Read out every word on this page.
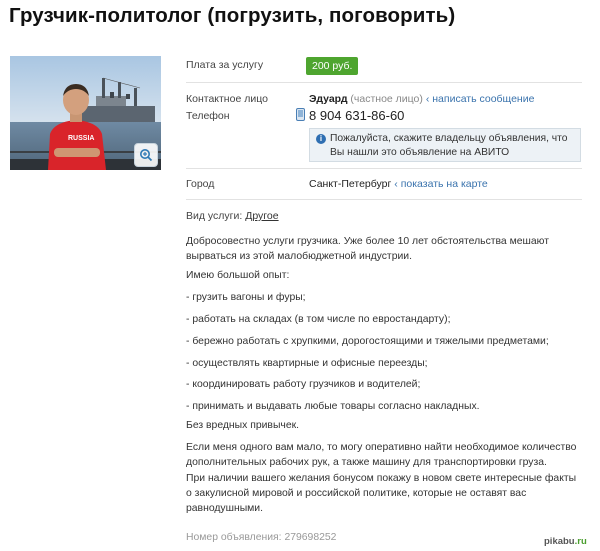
Грузчик-политолог (погрузить, поговорить)
RUSSIA
Плата за услугу	200 руб.
Контактное лицо	Эдуард (частное лицо) ‹ написать сообщение
Телефон	8 904 631-86-60
i Пожалуйста, скажите владельцу объявления, что Вы нашли это объявление на АВИТО
Город	Санкт-Петербург ‹ показать на карте
Вид услуги: Другое
Добросовестно услуги грузчика. Уже более 10 лет обстоятельства мешают вырваться из этой малобюджетной индустрии.
Имею большой опыт:
- грузить вагоны и фуры;
- работать на складах (в том числе по евростандарту);
- бережно работать с хрупкими, дорогостоящими и тяжелыми предметами;
- осуществлять квартирные и офисные переезды;
- координировать работу грузчиков и водителей;
- принимать и выдавать любые товары согласно накладных.
Без вредных привычек.
Если меня одного вам мало, то могу оперативно найти необходимое количество дополнительных рабочих рук, а также машину для транспортировки груза.
При наличии вашего желания бонусом покажу в новом свете интересные факты о закулисной мировой и российской политике, которые не оставят вас равнодушными.
Номер объявления: 279698252	pikabu.ru
